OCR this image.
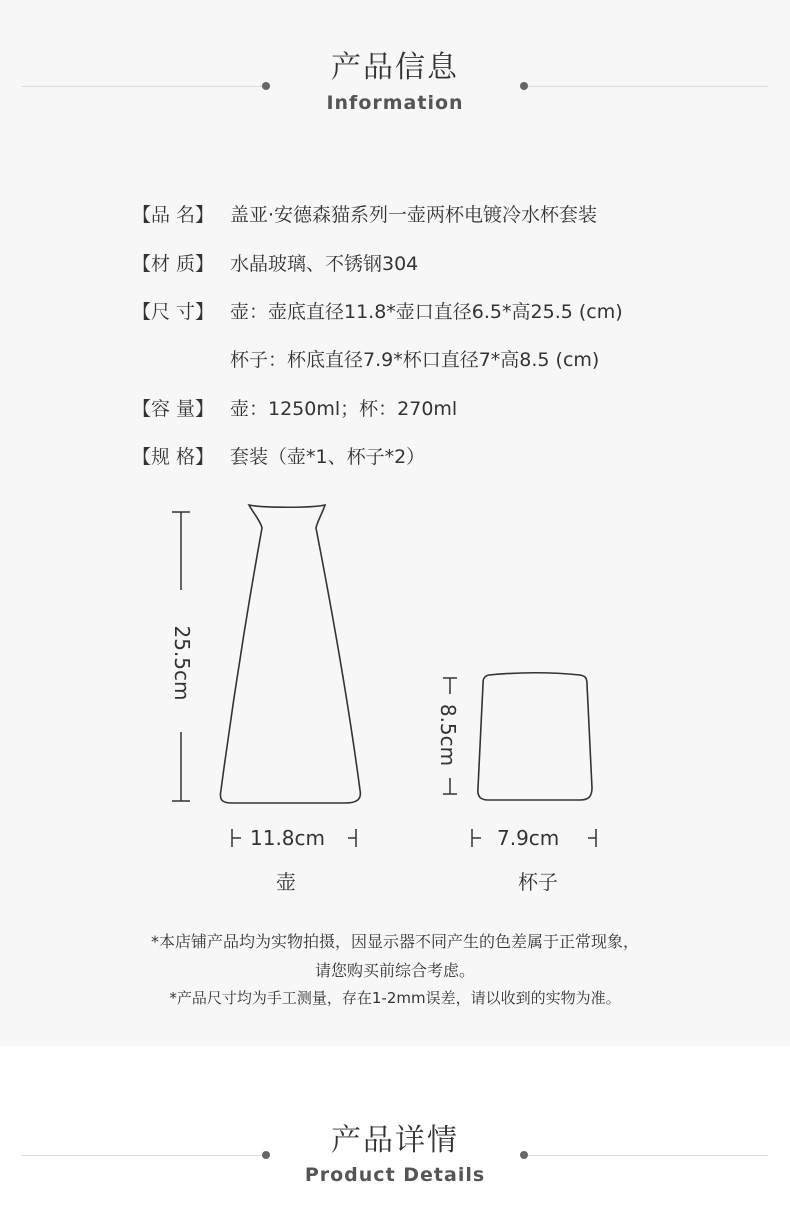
产品信息
Information
【品 名】 盖亚·安德森猫系列一壶两杯电镀冷水杯套装
【材 质】 水晶玻璃、不锈钢304
【尺 寸】 壶：壶底直径11.8*壶口直径6.5*高25.5 (cm)
杯子：杯底直径7.9*杯口直径7*高8.5 (cm)
【容 量】 壶：1250ml；杯：270ml
【规 格】 套装（壶*1、杯子*2）
25.5cm
8.5cm
11.8cm	7.9cm
壶	杯子
*本店铺产品均为实物拍摄，因显示器不同产生的色差属于正常现象，
请您购买前综合考虑。
*产品尺寸均为手工测量，存在1-2mm误差，请以收到的实物为准。
产品详情
Product Details
